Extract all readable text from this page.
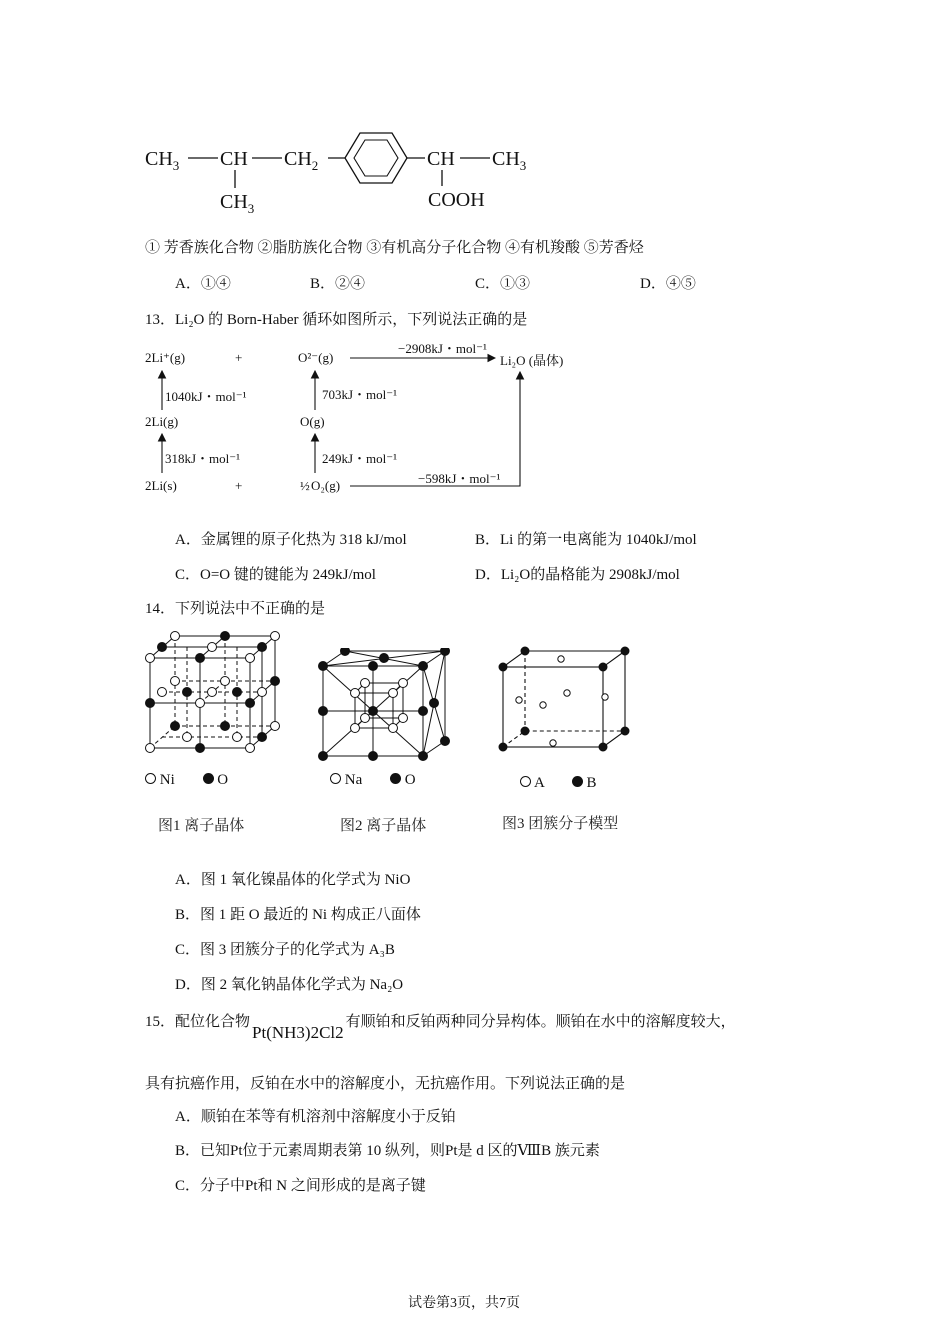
$CH_3$ CH
$CH_3$
$CH_2$	CH $CH_3$
COOH
① 芳香族化合物 ②脂肪族化合物 ③有机高分子化合物 ④有机羧酸 ⑤芳香烃
A．①④	B．②④	C．①③	D．④⑤
13．Li₂O 的 Born-Haber 循环如图所示，下列说法正确的是
2Li⁺(g)	+	O²⁻(g)
−2908kJ・mol⁻¹
Li₂O (晶体)
1040kJ・mol⁻¹
2Li(g)
703kJ・mol⁻¹
O(g)
318kJ・mol⁻¹	249kJ・mol⁻¹
2Li(s)	+	½ O₂(g)	−598kJ・mol⁻¹
A．金属锂的原子化热为 318 kJ/mol	B．Li 的第一电离能为 1040kJ/mol
C．O=O 键的键能为 249kJ/mol	D．Li₂O的晶格能为 2908kJ/mol
14．下列说法中不正确的是
Ni	O	Na	O	A	B
图1 离子晶体	图2 离子晶体	图3 团簇分子模型
A．图 1 氧化镍晶体的化学式为 NiO
B．图 1 距 O 最近的 Ni 构成正八面体
C．图 3 团簇分子的化学式为 A₃B
D．图 2 氧化钠晶体化学式为 Na₂O
15．配位化合物Pt(NH3)2Cl2有顺铂和反铂两种同分异构体。顺铂在水中的溶解度较大，
具有抗癌作用，反铂在水中的溶解度小，无抗癌作用。下列说法正确的是
A．顺铂在苯等有机溶剂中溶解度小于反铂
B．已知Pt位于元素周期表第 10 纵列，则Pt是 d 区的ⅧB 族元素
C．分子中Pt和 N 之间形成的是离子键
试卷第3页，共7页
